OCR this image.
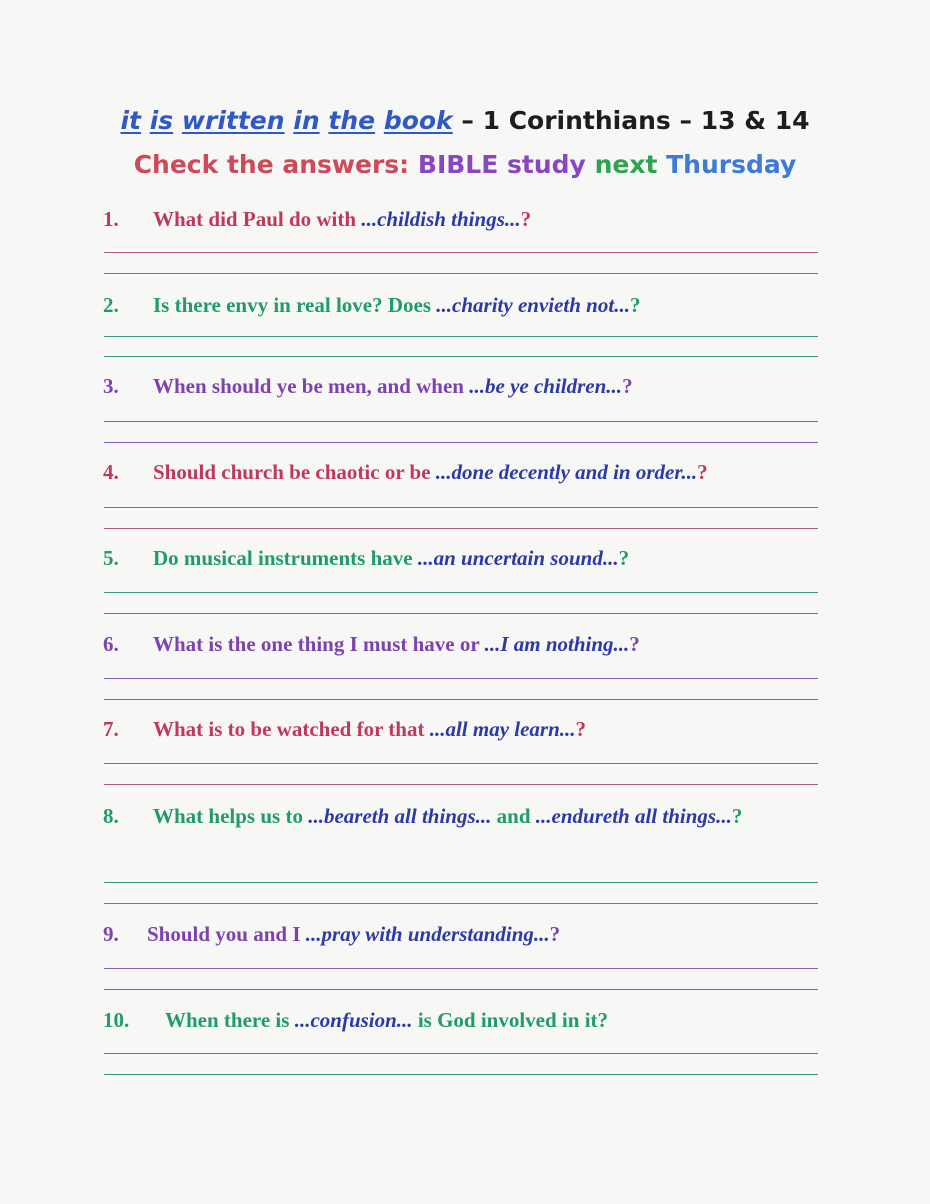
it is written in the book – 1 Corinthians – 13 & 14
Check the answers: BIBLE study next Thursday
1. What did Paul do with ...childish things...?
2. Is there envy in real love? Does ...charity envieth not...?
3. When should ye be men, and when ...be ye children...?
4. Should church be chaotic or be ...done decently and in order...?
5. Do musical instruments have ...an uncertain sound...?
6. What is the one thing I must have or ...I am nothing...?
7. What is to be watched for that ...all may learn...?
8. What helps us to ...beareth all things... and ...endureth all things...?
9. Should you and I ...pray with understanding...?
10. When there is ...confusion... is God involved in it?
